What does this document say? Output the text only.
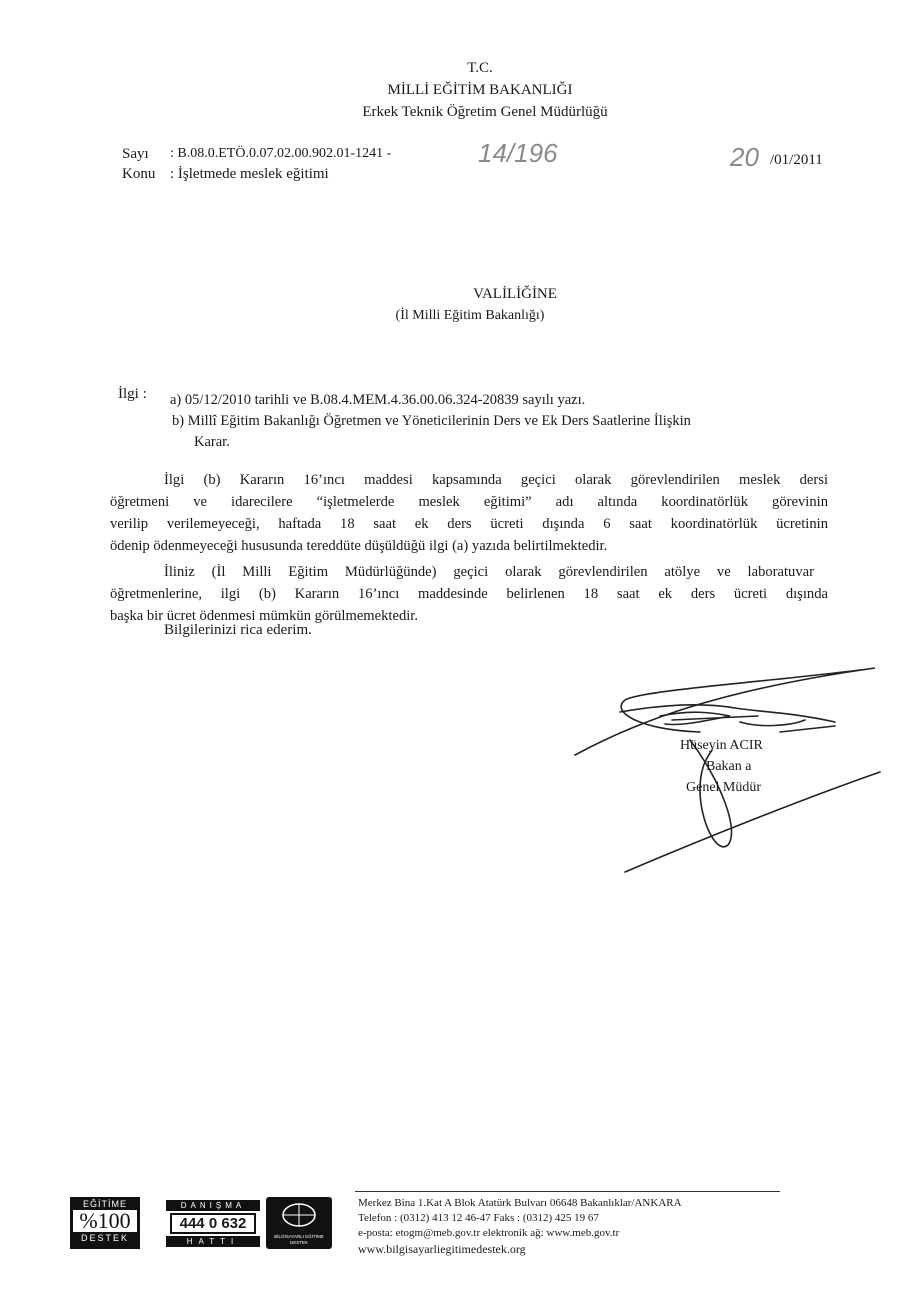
T.C.
MİLLİ EĞİTİM BAKANLIĞI
Erkek Teknik Öğretim Genel Müdürlüğü
Sayı : B.08.0.ETÖ.0.07.02.00.902.01-1241 -	14/196
Konu : İşletmede meslek eğitimi
20 /01/2011
VALİLİĞİNE
(İl Milli Eğitim Bakanlığı)
İlgi : a) 05/12/2010 tarihli ve B.08.4.MEM.4.36.00.06.324-20839 sayılı yazı.
b) Millî Eğitim Bakanlığı Öğretmen ve Yöneticilerinin Ders ve Ek Ders Saatlerine İlişkin
Karar.

İlgi (b) Kararın 16’ıncı maddesi kapsamında geçici olarak görevlendirilen meslek dersi

öğretmeni ve idarecilere “işletmelerde meslek eğitimi” adı altında koordinatörlük görevinin

verilip verilemeyeceği, haftada 18 saat ek ders ücreti dışında 6 saat koordinatörlük ücretinin

ödenip ödenmeyeceği hususunda tereddüte düşüldüğü ilgi (a) yazıda belirtilmektedir.

İliniz (İl Milli Eğitim Müdürlüğünde) geçici olarak görevlendirilen atölye ve laboratuvar

öğretmenlerine, ilgi (b) Kararın 16’ıncı maddesinde belirlenen 18 saat ek ders ücreti dışında

başka bir ücret ödenmesi mümkün görülmemektedir.

Bilgilerinizi rica ederim.
Hüseyin ACIR
Bakan a
Genel Müdür
EĞİTİME
%100
DESTEK
DANIŞMA
444 0 632
HATTI
BİLGİSAYARLI EĞİTİME DESTEK
Merkez Bina 1.Kat A Blok Atatürk Bulvarı 06648 Bakanlıklar/ANKARA
Telefon : (0312) 413 12 46-47 Faks : (0312) 425 19 67
e-posta: etogm@meb.gov.tr elektronik ağ: www.meb.gov.tr
www.bilgisayarliegitimedestek.org
